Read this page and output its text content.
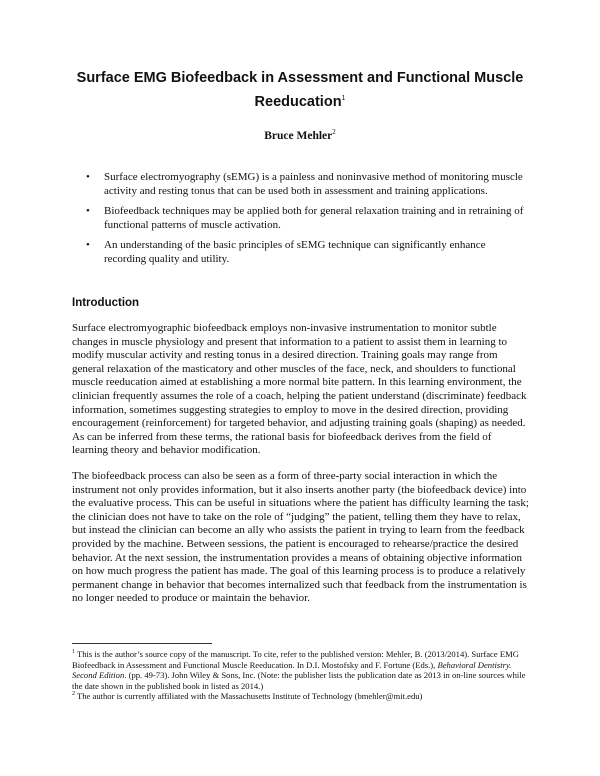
Surface EMG Biofeedback in Assessment and Functional Muscle Reeducation$^1$
Bruce Mehler$^2$
• Surface electromyography (sEMG) is a painless and noninvasive method of monitoring muscle activity and resting tonus that can be used both in assessment and training applications.
• Biofeedback techniques may be applied both for general relaxation training and in retraining of functional patterns of muscle activation.
• An understanding of the basic principles of sEMG technique can significantly enhance recording quality and utility.
Introduction

Surface electromyographic biofeedback employs non-invasive instrumentation to monitor subtle changes in muscle physiology and present that information to a patient to assist them in learning to modify muscular activity and resting tonus in a desired direction. Training goals may range from general relaxation of the masticatory and other muscles of the face, neck, and shoulders to functional muscle reeducation aimed at establishing a more normal bite pattern. In this learning environment, the clinician frequently assumes the role of a coach, helping the patient understand (discriminate) feedback information, sometimes suggesting strategies to employ to move in the desired direction, providing encouragement (reinforcement) for targeted behavior, and adjusting training goals (shaping) as needed. As can be inferred from these terms, the rational basis for biofeedback derives from the field of learning theory and behavior modification.

The biofeedback process can also be seen as a form of three-party social interaction in which the instrument not only provides information, but it also inserts another party (the biofeedback device) into the evaluative process. This can be useful in situations where the patient has difficulty learning the task; the clinician does not have to take on the role of “judging” the patient, telling them they have to relax, but instead the clinician can become an ally who assists the patient in trying to learn from the feedback provided by the machine. Between sessions, the patient is encouraged to rehearse/practice the desired behavior. At the next session, the instrumentation provides a means of obtaining objective information on how much progress the patient has made. The goal of this learning process is to produce a relatively permanent change in behavior that becomes internalized such that feedback from the instrumentation is no longer needed to produce or maintain the behavior.

$^1$ This is the author’s source copy of the manuscript. To cite, refer to the published version: Mehler, B. (2013/2014). Surface EMG Biofeedback in Assessment and Functional Muscle Reeducation. In D.I. Mostofsky and F. Fortune (Eds.), Behavioral Dentistry. Second Edition. (pp. 49-73). John Wiley & Sons, Inc. (Note: the publisher lists the publication date as 2013 in on-line sources while the date shown in the published book in listed as 2014.)

$^2$ The author is currently affiliated with the Massachusetts Institute of Technology (bmehler@mit.edu)
